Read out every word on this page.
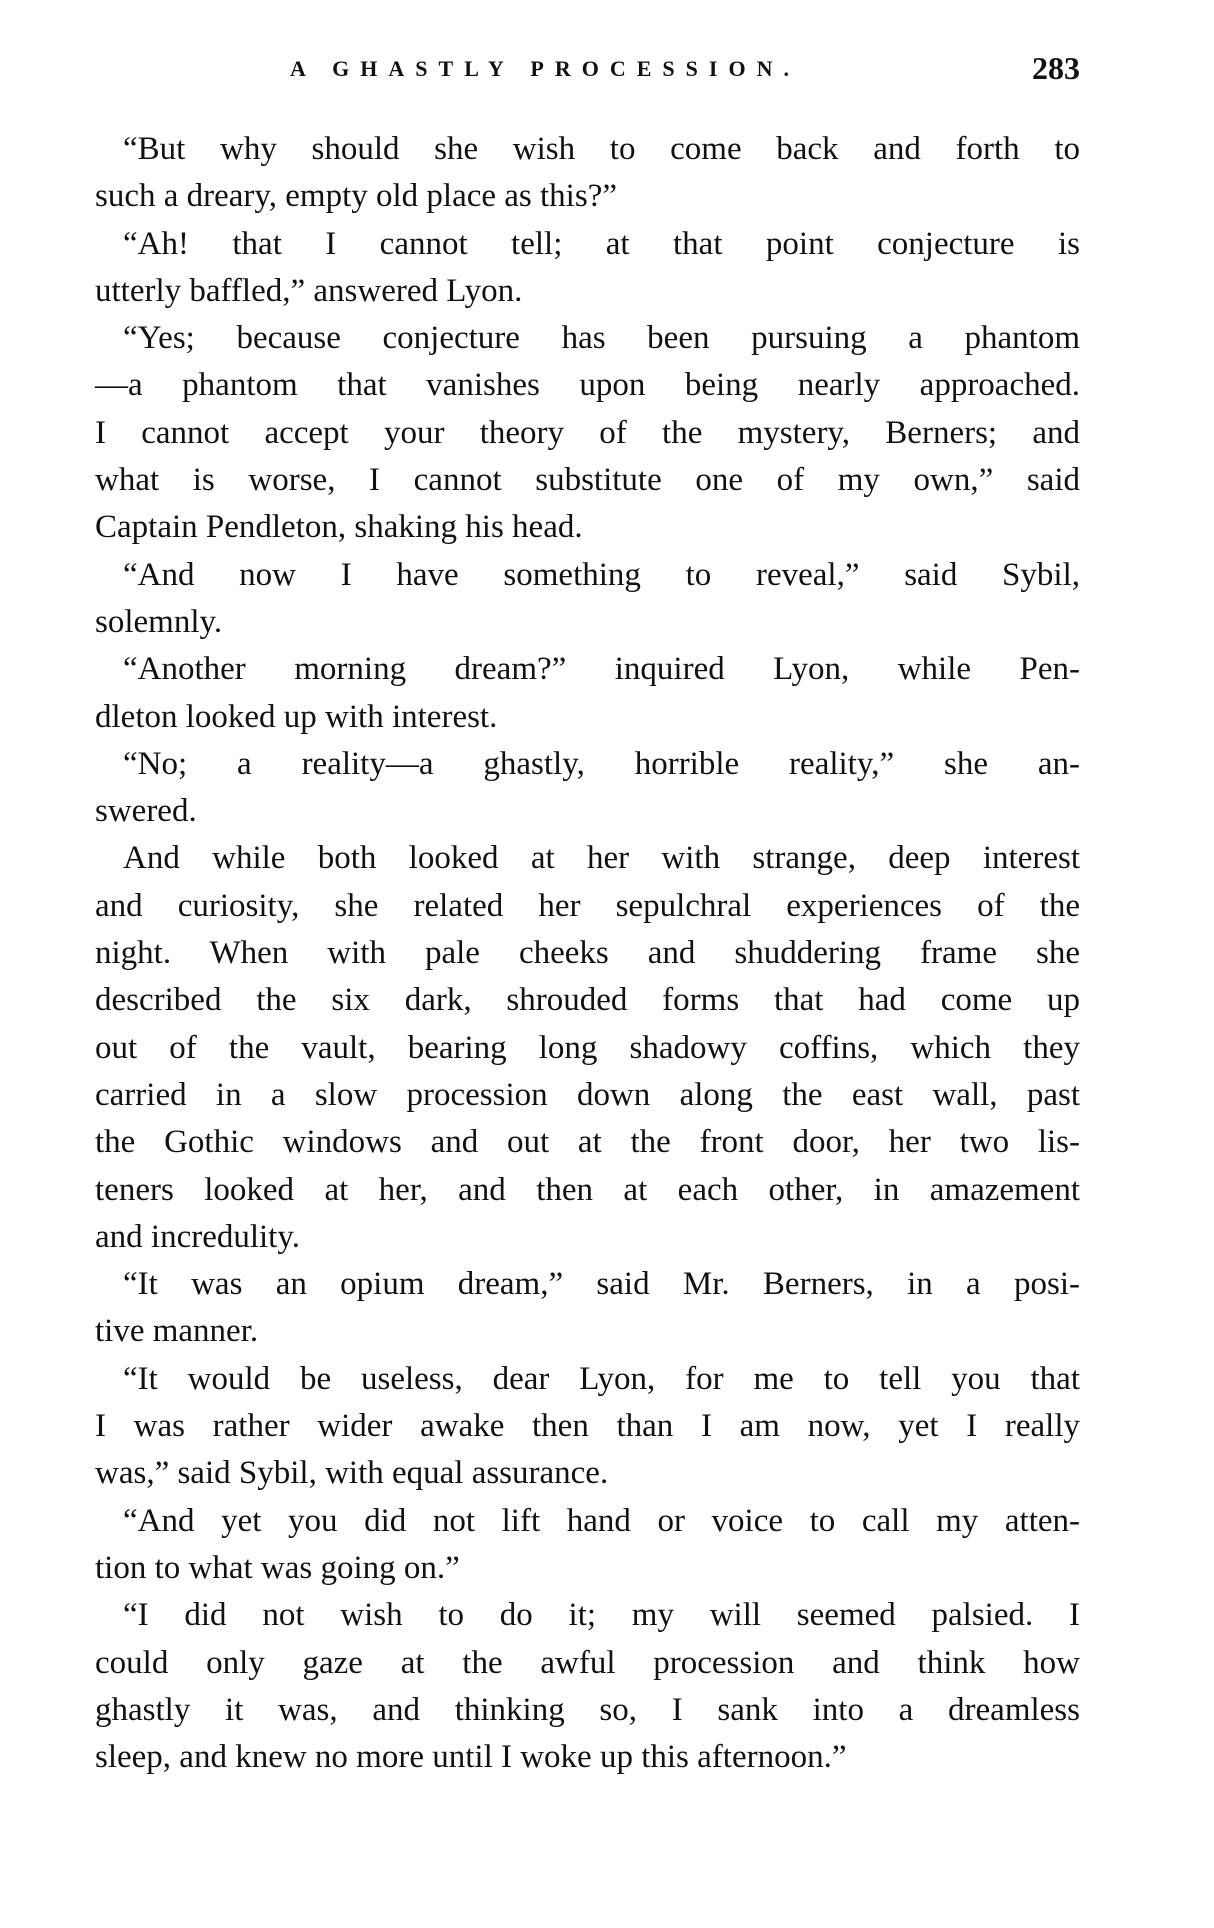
A GHASTLY PROCESSION.	283
“But why should she wish to come back and forth to
such a dreary, empty old place as this?”
“Ah! that I cannot tell; at that point conjecture is
utterly baffled,” answered Lyon.
“Yes; because conjecture has been pursuing a phantom
—a phantom that vanishes upon being nearly approached.
I cannot accept your theory of the mystery, Berners; and
what is worse, I cannot substitute one of my own,” said
Captain Pendleton, shaking his head.
“And now I have something to reveal,” said Sybil,
solemnly.
“Another morning dream?” inquired Lyon, while Pen-
dleton looked up with interest.
“No; a reality—a ghastly, horrible reality,” she an-
swered.
And while both looked at her with strange, deep interest
and curiosity, she related her sepulchral experiences of the
night. When with pale cheeks and shuddering frame she
described the six dark, shrouded forms that had come up
out of the vault, bearing long shadowy coffins, which they
carried in a slow procession down along the east wall, past
the Gothic windows and out at the front door, her two lis-
teners looked at her, and then at each other, in amazement
and incredulity.
“It was an opium dream,” said Mr. Berners, in a posi-
tive manner.
“It would be useless, dear Lyon, for me to tell you that
I was rather wider awake then than I am now, yet I really
was,” said Sybil, with equal assurance.
“And yet you did not lift hand or voice to call my atten-
tion to what was going on.”
“I did not wish to do it; my will seemed palsied. I
could only gaze at the awful procession and think how
ghastly it was, and thinking so, I sank into a dreamless
sleep, and knew no more until I woke up this afternoon.”
